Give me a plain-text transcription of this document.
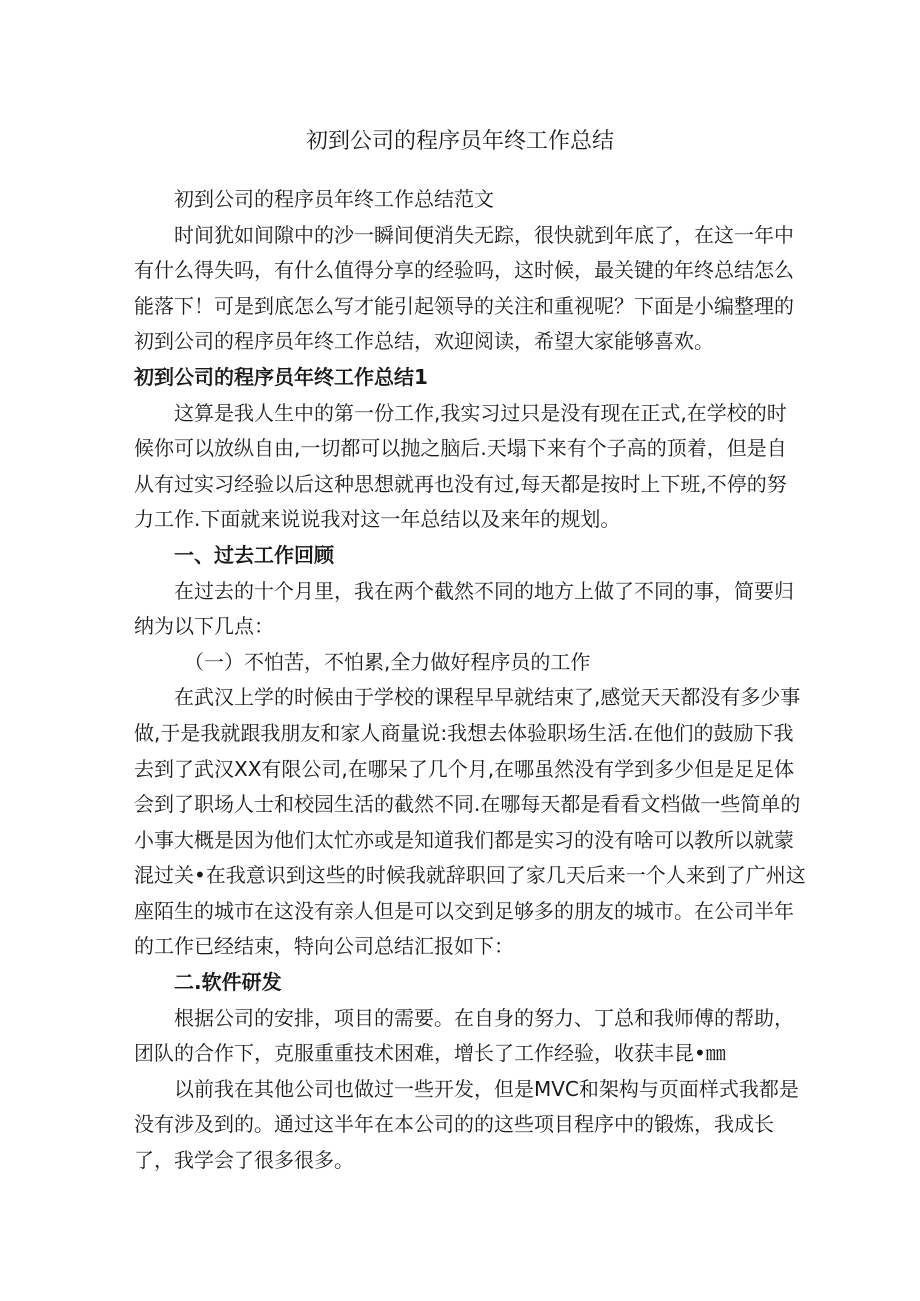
初到公司的程序员年终工作总结

初到公司的程序员年终工作总结范文

时间犹如间隙中的沙一瞬间便消失无踪，很快就到年底了，在这一年中有什么得失吗，有什么值得分享的经验吗，这时候，最关键的年终总结怎么能落下！可是到底怎么写才能引起领导的关注和重视呢？下面是小编整理的初到公司的程序员年终工作总结，欢迎阅读，希望大家能够喜欢。

初到公司的程序员年终工作总结1

这算是我人生中的第一份工作,我实习过只是没有现在正式,在学校的时候你可以放纵自由,一切都可以抛之脑后.天塌下来有个子高的顶着，但是自从有过实习经验以后这种思想就再也没有过,每天都是按时上下班,不停的努力工作.下面就来说说我对这一年总结以及来年的规划。

一、过去工作回顾

在过去的十个月里，我在两个截然不同的地方上做了不同的事，简要归纳为以下几点：

（一）不怕苦，不怕累,全力做好程序员的工作

在武汉上学的时候由于学校的课程早早就结束了,感觉天天都没有多少事做,于是我就跟我朋友和家人商量说:我想去体验职场生活.在他们的鼓励下我去到了武汉XX有限公司,在哪呆了几个月,在哪虽然没有学到多少但是足足体会到了职场人士和校园生活的截然不同.在哪每天都是看看文档做一些简单的小事大概是因为他们太忙亦或是知道我们都是实习的没有啥可以教所以就蒙混过关•在我意识到这些的时候我就辞职回了家几天后来一个人来到了广州这座陌生的城市在这没有亲人但是可以交到足够多的朋友的城市。在公司半年的工作已经结束，特向公司总结汇报如下：

二.软件研发

根据公司的安排，项目的需要。在自身的努力、丁总和我师傅的帮助，团队的合作下，克服重重技术困难，增长了工作经验，收获丰昆•㎜

以前我在其他公司也做过一些开发，但是MVC和架构与页面样式我都是没有涉及到的。通过这半年在本公司的的这些项目程序中的锻炼，我成长了，我学会了很多很多。
